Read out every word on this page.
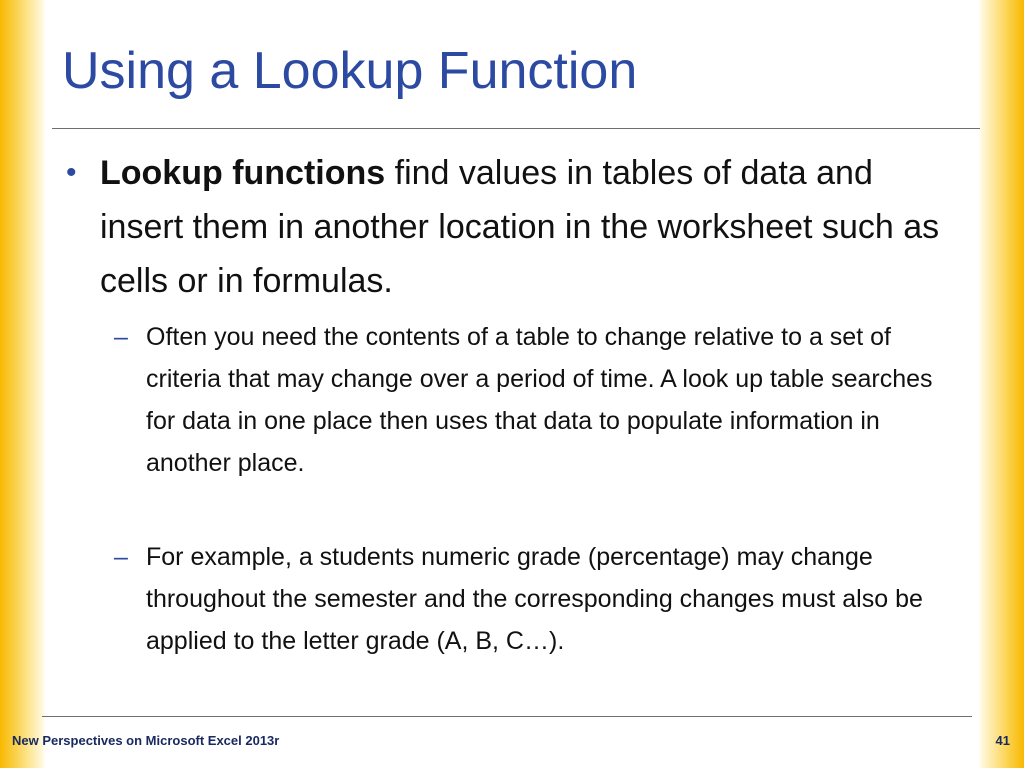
Using a Lookup Function
• Lookup functions find values in tables of data and insert them in another location in the worksheet such as cells or in formulas.
– Often you need the contents of a table to change relative to a set of criteria that may change over a period of time. A look up table searches for data in one place then uses that data to populate information in another place.
– For example, a students numeric grade (percentage) may change throughout the semester and the corresponding changes must also be applied to the letter grade (A, B, C…).
New Perspectives on Microsoft Excel 2013r	41
